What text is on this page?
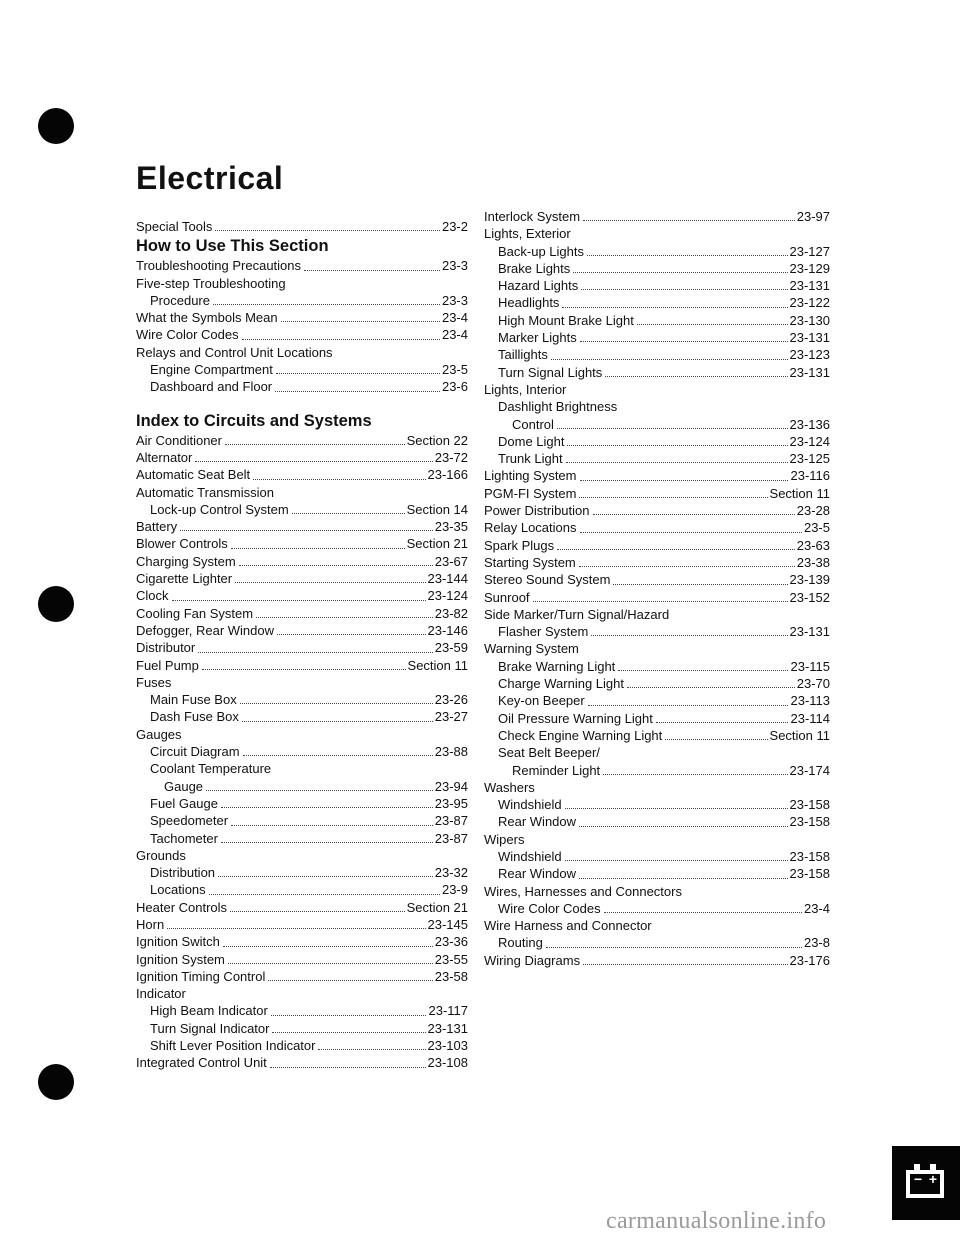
Electrical
Special Tools	23-2
How to Use This Section
Troubleshooting Precautions	23-3
Five-step Troubleshooting
Procedure	23-3
What the Symbols Mean	23-4
Wire Color Codes	23-4
Relays and Control Unit Locations
Engine Compartment	23-5
Dashboard and Floor	23-6
Index to Circuits and Systems
Air Conditioner	Section 22
Alternator	23-72
Automatic Seat Belt	23-166
Automatic Transmission
Lock-up Control System	Section 14
Battery	23-35
Blower Controls	Section 21
Charging System	23-67
Cigarette Lighter	23-144
Clock	23-124
Cooling Fan System	23-82
Defogger, Rear Window	23-146
Distributor	23-59
Fuel Pump	Section 11
Fuses
Main Fuse Box	23-26
Dash Fuse Box	23-27
Gauges
Circuit Diagram	23-88
Coolant Temperature
Gauge	23-94
Fuel Gauge	23-95
Speedometer	23-87
Tachometer	23-87
Grounds
Distribution	23-32
Locations	23-9
Heater Controls	Section 21
Horn	23-145
Ignition Switch	23-36
Ignition System	23-55
Ignition Timing Control	23-58
Indicator
High Beam Indicator	23-117
Turn Signal Indicator	23-131
Shift Lever Position Indicator	23-103
Integrated Control Unit	23-108
Interlock System	23-97
Lights, Exterior
Back-up Lights	23-127
Brake Lights	23-129
Hazard Lights	23-131
Headlights	23-122
High Mount Brake Light	23-130
Marker Lights	23-131
Taillights	23-123
Turn Signal Lights	23-131
Lights, Interior
Dashlight Brightness
Control	23-136
Dome Light	23-124
Trunk Light	23-125
Lighting System	23-116
PGM-FI System	Section 11
Power Distribution	23-28
Relay Locations	23-5
Spark Plugs	23-63
Starting System	23-38
Stereo Sound System	23-139
Sunroof	23-152
Side Marker/Turn Signal/Hazard
Flasher System	23-131
Warning System
Brake Warning Light	23-115
Charge Warning Light	23-70
Key-on Beeper	23-113
Oil Pressure Warning Light	23-114
Check Engine Warning Light	Section 11
Seat Belt Beeper/
Reminder Light	23-174
Washers
Windshield	23-158
Rear Window	23-158
Wipers
Windshield	23-158
Rear Window	23-158
Wires, Harnesses and Connectors
Wire Color Codes	23-4
Wire Harness and Connector
Routing	23-8
Wiring Diagrams	23-176
− +
carmanualsonline.info
